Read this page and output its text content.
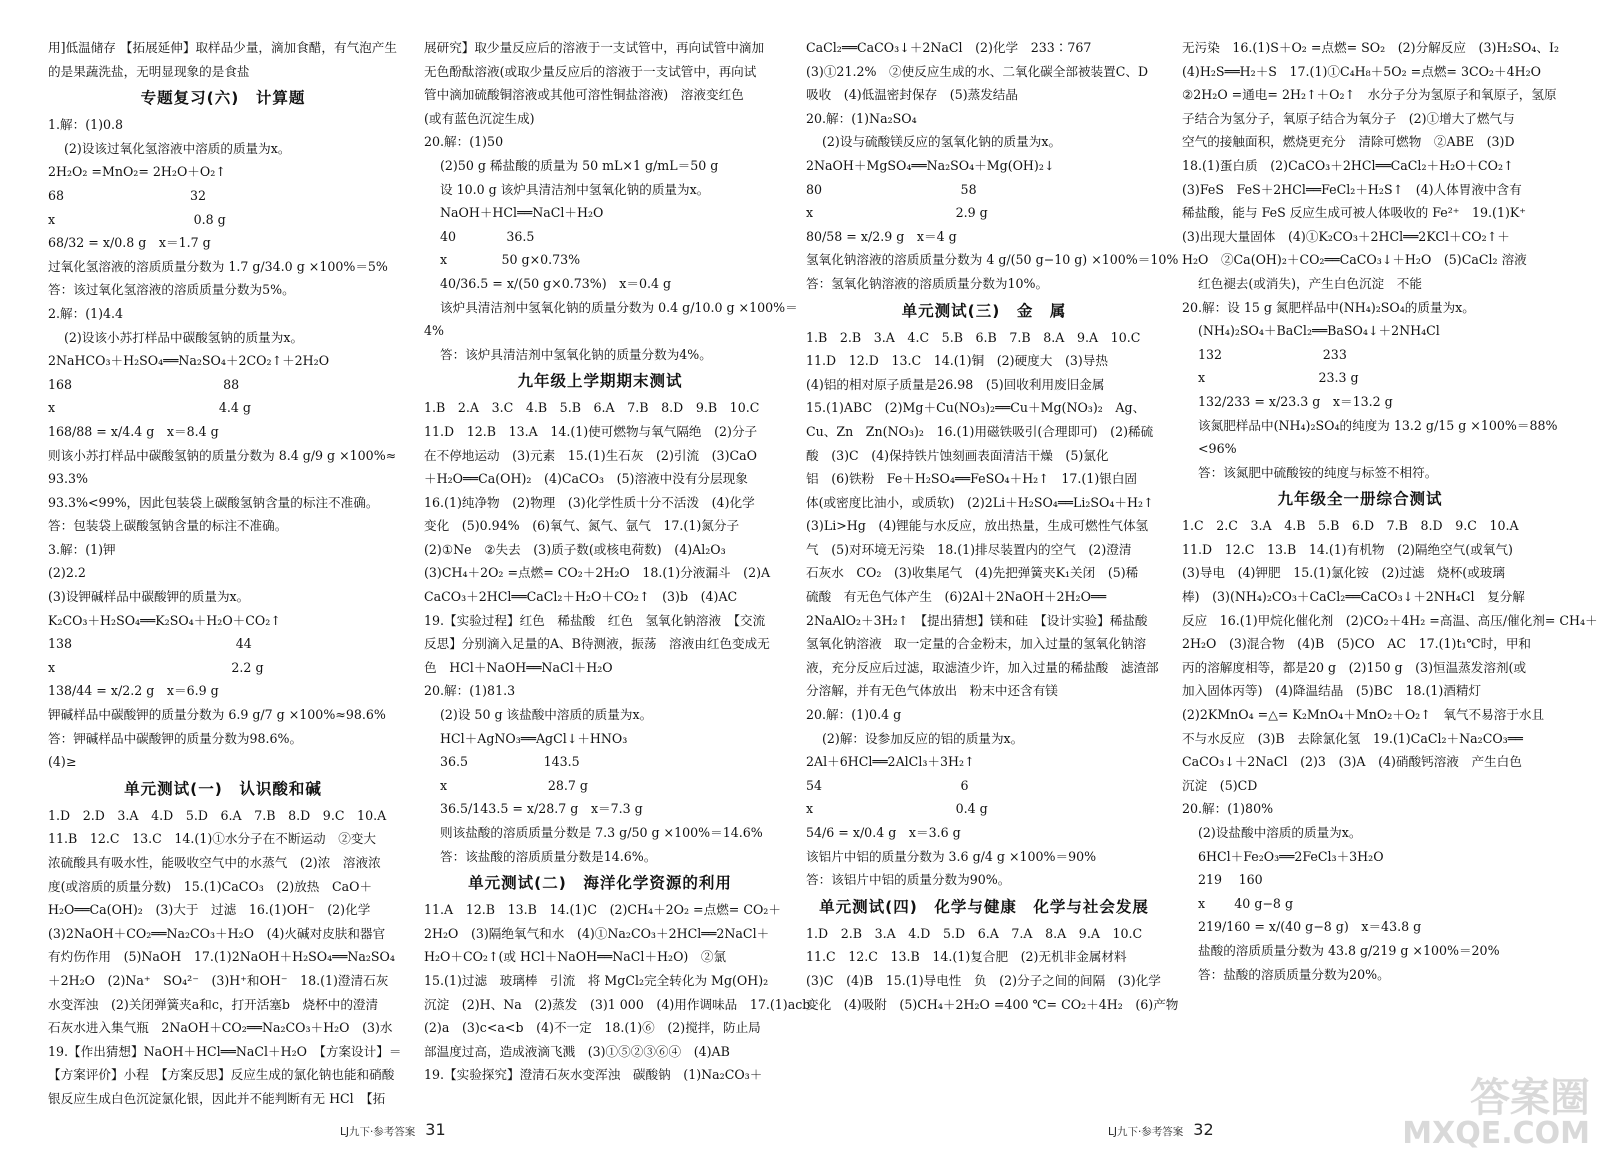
用]低温储存 【拓展延伸】取样品少量，滴加食醋，有气泡产生
的是果蔬洗盐，无明显现象的是食盐
专题复习(六)　计算题
1.解：(1)0.8
(2)设该过氧化氢溶液中溶质的质量为x。
2H₂O₂ =MnO₂= 2H₂O＋O₂↑
68　　　　　　　　　　32
x　　　　　　　　　　　0.8 g
68/32 = x/0.8 g　x＝1.7 g
过氧化氢溶液的溶质质量分数为 1.7 g/34.0 g ×100%＝5%
答：该过氧化氢溶液的溶质质量分数为5%。
2.解：(1)4.4
(2)设该小苏打样品中碳酸氢钠的质量为x。
2NaHCO₃＋H₂SO₄══Na₂SO₄＋2CO₂↑＋2H₂O
168　　　　　　　　　　　　88
x　　　　　　　　　　　　　4.4 g
168/88 = x/4.4 g　x＝8.4 g
则该小苏打样品中碳酸氢钠的质量分数为 8.4 g/9 g ×100%≈
93.3%
93.3%<99%，因此包装袋上碳酸氢钠含量的标注不准确。
答：包装袋上碳酸氢钠含量的标注不准确。
3.解：(1)钾
(2)2.2
(3)设钾碱样品中碳酸钾的质量为x。
K₂CO₃＋H₂SO₄══K₂SO₄＋H₂O＋CO₂↑
138　　　　　　　　　　　　　44
x　　　　　　　　　　　　　　2.2 g
138/44 = x/2.2 g　x＝6.9 g
钾碱样品中碳酸钾的质量分数为 6.9 g/7 g ×100%≈98.6%
答：钾碱样品中碳酸钾的质量分数为98.6%。
(4)≥
单元测试(一)　认识酸和碱
1.D　2.D　3.A　4.D　5.D　6.A　7.B　8.D　9.C　10.A
11.B　12.C　13.C　14.(1)①水分子在不断运动　②变大
浓硫酸具有吸水性，能吸收空气中的水蒸气　(2)浓　溶液浓
度(或溶质的质量分数)　15.(1)CaCO₃　(2)放热　CaO＋
H₂O══Ca(OH)₂　(3)大于　过滤　16.(1)OH⁻　(2)化学
(3)2NaOH＋CO₂══Na₂CO₃＋H₂O　(4)火碱对皮肤和器官
有灼伤作用　(5)NaOH　17.(1)2NaOH＋H₂SO₄══Na₂SO₄
＋2H₂O　(2)Na⁺　SO₄²⁻　(3)H⁺和OH⁻　18.(1)澄清石灰
水变浑浊　(2)关闭弹簧夹a和c，打开活塞b　烧杯中的澄清
石灰水进入集气瓶　2NaOH＋CO₂══Na₂CO₃＋H₂O　(3)水
19.【作出猜想】NaOH＋HCl══NaCl＋H₂O　【方案设计】＝
【方案评价】小程　【方案反思】反应生成的氯化钠也能和硝酸
银反应生成白色沉淀氯化银，因此并不能判断有无 HCl　【拓
展研究】取少量反应后的溶液于一支试管中，再向试管中滴加
无色酚酞溶液(或取少量反应后的溶液于一支试管中，再向试
管中滴加硫酸铜溶液或其他可溶性铜盐溶液)　溶液变红色
(或有蓝色沉淀生成)
20.解：(1)50
(2)50 g 稀盐酸的质量为 50 mL×1 g/mL＝50 g
设 10.0 g 该炉具清洁剂中氢氧化钠的质量为x。
NaOH＋HCl══NaCl＋H₂O
40　　　　36.5
x　　　　 50 g×0.73%
40/36.5 = x/(50 g×0.73%)　x＝0.4 g
该炉具清洁剂中氢氧化钠的质量分数为 0.4 g/10.0 g ×100%＝
4%
答：该炉具清洁剂中氢氧化钠的质量分数为4%。
九年级上学期期末测试
1.B　2.A　3.C　4.B　5.B　6.A　7.B　8.D　9.B　10.C
11.D　12.B　13.A　14.(1)使可燃物与氧气隔绝　(2)分子
在不停地运动　(3)元素　15.(1)生石灰　(2)引流　(3)CaO
＋H₂O══Ca(OH)₂　(4)CaCO₃　(5)溶液中没有分层现象
16.(1)纯净物　(2)物理　(3)化学性质十分不活泼　(4)化学
变化　(5)0.94%　(6)氧气、氮气、氩气　17.(1)氮分子
(2)①Ne　②失去　(3)质子数(或核电荷数)　(4)Al₂O₃
(3)CH₄＋2O₂ =点燃= CO₂＋2H₂O　18.(1)分液漏斗　(2)A
CaCO₃＋2HCl══CaCl₂＋H₂O＋CO₂↑　(3)b　(4)AC
19.【实验过程】红色　稀盐酸　红色　氢氧化钠溶液　【交流
反思】分别滴入足量的A、B待测液，振荡　溶液由红色变成无
色　HCl＋NaOH══NaCl＋H₂O
20.解：(1)81.3
(2)设 50 g 该盐酸中溶质的质量为x。
HCl＋AgNO₃══AgCl↓＋HNO₃
36.5　　　　　　143.5
x　　　　　　　　28.7 g
36.5/143.5 = x/28.7 g　x＝7.3 g
则该盐酸的溶质质量分数是 7.3 g/50 g ×100%＝14.6%
答：该盐酸的溶质质量分数是14.6%。
单元测试(二)　海洋化学资源的利用
11.A　12.B　13.B　14.(1)C　(2)CH₄＋2O₂ =点燃= CO₂＋
2H₂O　(3)隔绝氧气和水　(4)①Na₂CO₃＋2HCl══2NaCl＋
H₂O＋CO₂↑(或 HCl＋NaOH══NaCl＋H₂O)　②氯
15.(1)过滤　玻璃棒　引流　将 MgCl₂完全转化为 Mg(OH)₂
沉淀　(2)H、Na　(2)蒸发　(3)1 000　(4)用作调味品　17.(1)acb
(2)a　(3)c<a<b　(4)不一定　18.(1)⑥　(2)搅拌，防止局
部温度过高，造成液滴飞溅　(3)①⑤②③⑥④　(4)AB
19.【实验探究】澄清石灰水变浑浊　碳酸钠　(1)Na₂CO₃＋
CaCl₂══CaCO₃↓＋2NaCl　(2)化学　233∶767
(3)①21.2%　②使反应生成的水、二氧化碳全部被装置C、D
吸收　(4)低温密封保存　(5)蒸发结晶
20.解：(1)Na₂SO₄
(2)设与硫酸镁反应的氢氧化钠的质量为x。
2NaOH＋MgSO₄══Na₂SO₄＋Mg(OH)₂↓
80　　　　　　　　　　　58
x　　　　　　　　　　　 2.9 g
80/58 = x/2.9 g　x＝4 g
氢氧化钠溶液的溶质质量分数为 4 g/(50 g−10 g) ×100%＝10%
答：氢氧化钠溶液的溶质质量分数为10%。
单元测试(三)　金　属
1.B　2.B　3.A　4.C　5.B　6.B　7.B　8.A　9.A　10.C
11.D　12.D　13.C　14.(1)铜　(2)硬度大　(3)导热
(4)铝的相对原子质量是26.98　(5)回收利用废旧金属
15.(1)ABC　(2)Mg＋Cu(NO₃)₂══Cu＋Mg(NO₃)₂　Ag、
Cu、Zn　Zn(NO₃)₂　16.(1)用磁铁吸引(合理即可)　(2)稀硫
酸　(3)C　(4)保持铁片蚀刻画表面清洁干燥　(5)氯化
铝　(6)铁粉　Fe＋H₂SO₄══FeSO₄＋H₂↑　17.(1)银白固
体(或密度比油小，或质软)　(2)2Li＋H₂SO₄══Li₂SO₄＋H₂↑
(3)Li>Hg　(4)锂能与水反应，放出热量，生成可燃性气体氢
气　(5)对环境无污染　18.(1)排尽装置内的空气　(2)澄清
石灰水　CO₂　(3)收集尾气　(4)先把弹簧夹K₁关闭　(5)稀
硫酸　有无色气体产生　(6)2Al＋2NaOH＋2H₂O══
2NaAlO₂＋3H₂↑　【提出猜想】镁和硅　【设计实验】稀盐酸
氢氧化钠溶液　取一定量的合金粉末，加入过量的氢氧化钠溶
液，充分反应后过滤，取滤渣少许，加入过量的稀盐酸　滤渣部
分溶解，并有无色气体放出　粉末中还含有镁
20.解：(1)0.4 g
(2)解：设参加反应的铝的质量为x。
2Al＋6HCl══2AlCl₃＋3H₂↑
54　　　　　　　　　　　6
x　　　　　　　　　　　 0.4 g
54/6 = x/0.4 g　x＝3.6 g
该铝片中铝的质量分数为 3.6 g/4 g ×100%＝90%
答：该铝片中铝的质量分数为90%。
单元测试(四)　化学与健康　化学与社会发展
1.D　2.B　3.A　4.D　5.D　6.A　7.A　8.A　9.A　10.C
11.C　12.C　13.B　14.(1)复合肥　(2)无机非金属材料
(3)C　(4)B　15.(1)导电性　负　(2)分子之间的间隔　(3)化学
变化　(4)吸附　(5)CH₄＋2H₂O =400 ℃= CO₂＋4H₂　(6)产物
无污染　16.(1)S＋O₂ =点燃= SO₂　(2)分解反应　(3)H₂SO₄、I₂
(4)H₂S══H₂＋S　17.(1)①C₄H₈＋5O₂ =点燃= 3CO₂＋4H₂O
②2H₂O =通电= 2H₂↑＋O₂↑　水分子分为氢原子和氧原子，氢原
子结合为氢分子，氧原子结合为氧分子　(2)①增大了燃气与
空气的接触面积，燃烧更充分　清除可燃物　②ABE　(3)D
18.(1)蛋白质　(2)CaCO₃＋2HCl══CaCl₂＋H₂O＋CO₂↑
(3)FeS　FeS＋2HCl══FeCl₂＋H₂S↑　(4)人体胃液中含有
稀盐酸，能与 FeS 反应生成可被人体吸收的 Fe²⁺　19.(1)K⁺
(3)出现大量固体　(4)①K₂CO₃＋2HCl══2KCl＋CO₂↑＋
H₂O　②Ca(OH)₂＋CO₂══CaCO₃↓＋H₂O　(5)CaCl₂ 溶液
红色褪去(或消失)，产生白色沉淀　不能
20.解：设 15 g 氮肥样品中(NH₄)₂SO₄的质量为x。
(NH₄)₂SO₄＋BaCl₂══BaSO₄↓＋2NH₄Cl
132　　　　　　　　233
x　　　　　　　　　23.3 g
132/233 = x/23.3 g　x＝13.2 g
该氮肥样品中(NH₄)₂SO₄的纯度为 13.2 g/15 g ×100%＝88%
<96%
答：该氮肥中硫酸铵的纯度与标签不相符。
九年级全一册综合测试
1.C　2.C　3.A　4.B　5.B　6.D　7.B　8.D　9.C　10.A
11.D　12.C　13.B　14.(1)有机物　(2)隔绝空气(或氧气)
(3)导电　(4)钾肥　15.(1)氯化铵　(2)过滤　烧杯(或玻璃
棒)　(3)(NH₄)₂CO₃＋CaCl₂══CaCO₃↓＋2NH₄Cl　复分解
反应　16.(1)甲烷化催化剂　(2)CO₂＋4H₂ =高温、高压/催化剂= CH₄＋
2H₂O　(3)混合物　(4)B　(5)CO　AC　17.(1)t₁℃时，甲和
丙的溶解度相等，都是20 g　(2)150 g　(3)恒温蒸发溶剂(或
加入固体丙等)　(4)降温结晶　(5)BC　18.(1)酒精灯
(2)2KMnO₄ =△= K₂MnO₄＋MnO₂＋O₂↑　氧气不易溶于水且
不与水反应　(3)B　去除氯化氢　19.(1)CaCl₂＋Na₂CO₃══
CaCO₃↓＋2NaCl　(2)3　(3)A　(4)硝酸钙溶液　产生白色
沉淀　(5)CD
20.解：(1)80%
(2)设盐酸中溶质的质量为x。
6HCl＋Fe₂O₃══2FeCl₃＋3H₂O
219　 160
x　　 40 g−8 g
219/160 = x/(40 g−8 g)　x＝43.8 g
盐酸的溶质质量分数为 43.8 g/219 g ×100%＝20%
答：盐酸的溶质质量分数为20%。
LJ九下·参考答案 31	LJ九下·参考答案 32
答案圈
MXQE.COM
